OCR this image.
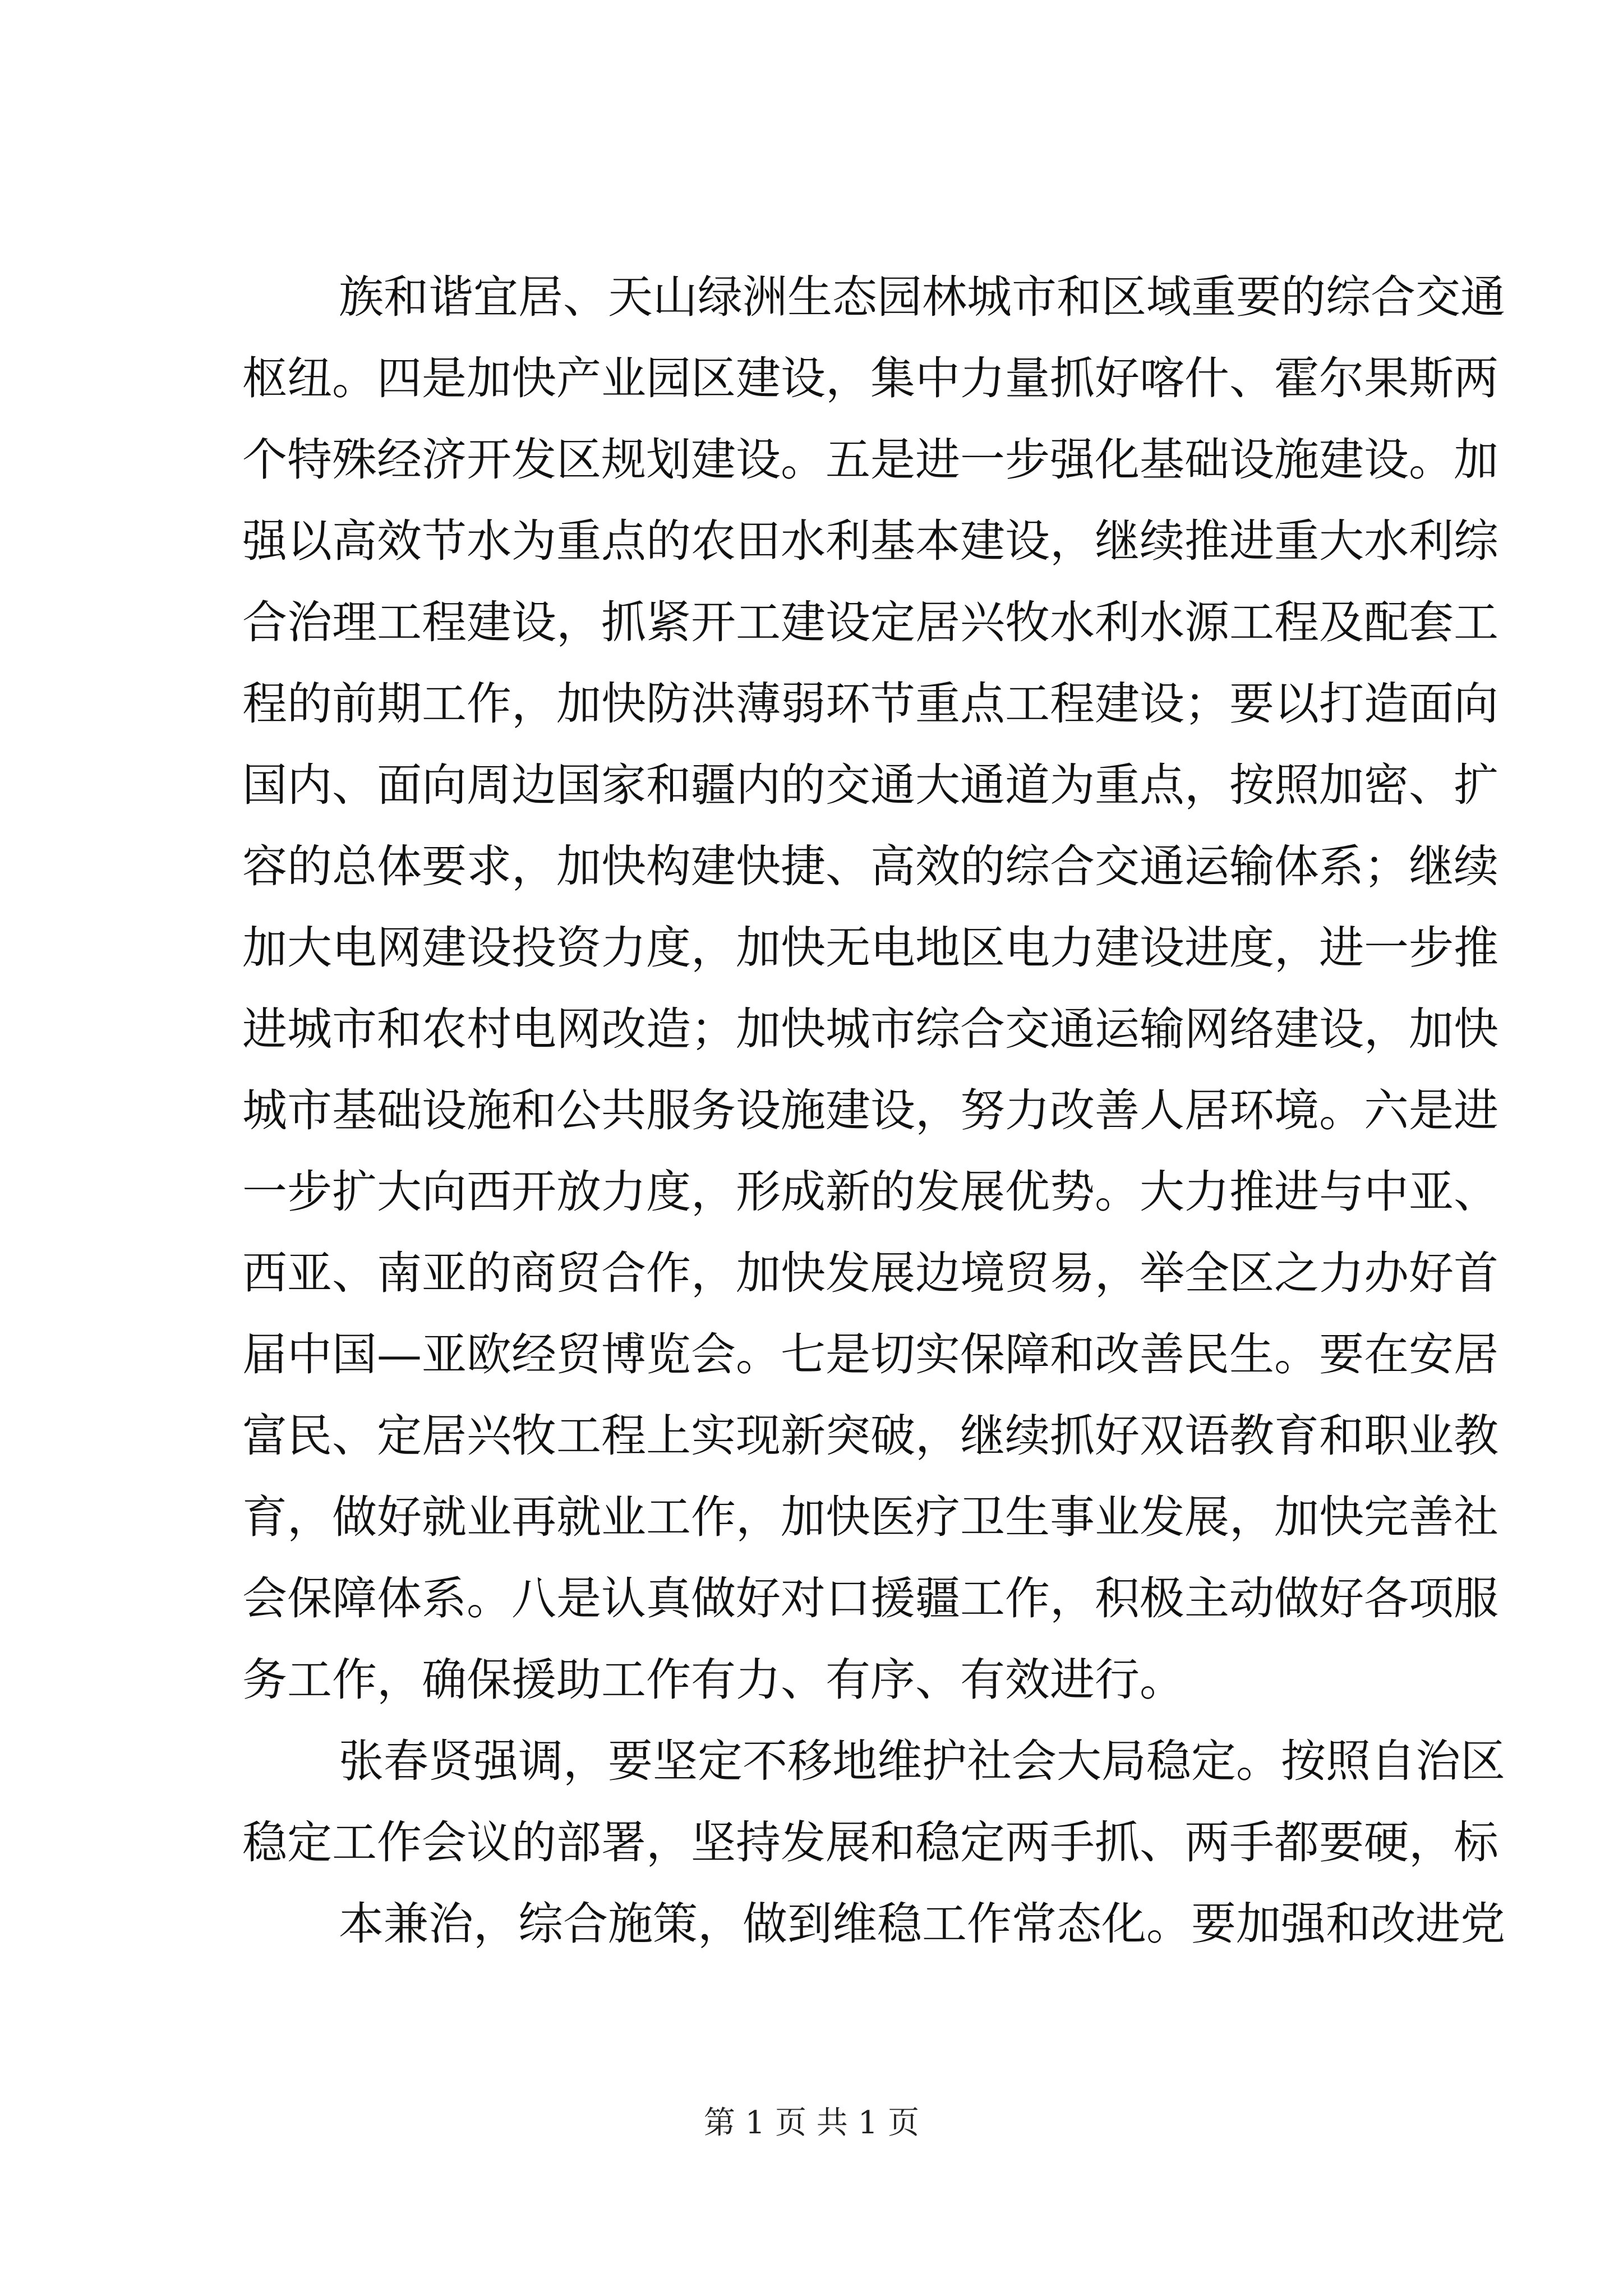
族和谐宜居、天山绿洲生态园林城市和区域重要的综合交通
枢纽。四是加快产业园区建设，集中力量抓好喀什、霍尔果斯两
个特殊经济开发区规划建设。五是进一步强化基础设施建设。加
强以高效节水为重点的农田水利基本建设，继续推进重大水利综
合治理工程建设，抓紧开工建设定居兴牧水利水源工程及配套工
程的前期工作，加快防洪薄弱环节重点工程建设；要以打造面向
国内、面向周边国家和疆内的交通大通道为重点，按照加密、扩
容的总体要求，加快构建快捷、高效的综合交通运输体系；继续
加大电网建设投资力度，加快无电地区电力建设进度，进一步推
进城市和农村电网改造；加快城市综合交通运输网络建设，加快
城市基础设施和公共服务设施建设，努力改善人居环境。六是进
一步扩大向西开放力度，形成新的发展优势。大力推进与中亚、
西亚、南亚的商贸合作，加快发展边境贸易，举全区之力办好首
届中国—亚欧经贸博览会。七是切实保障和改善民生。要在安居
富民、定居兴牧工程上实现新突破，继续抓好双语教育和职业教
育，做好就业再就业工作，加快医疗卫生事业发展，加快完善社
会保障体系。八是认真做好对口援疆工作，积极主动做好各项服
务工作，确保援助工作有力、有序、有效进行。
张春贤强调，要坚定不移地维护社会大局稳定。按照自治区
稳定工作会议的部署，坚持发展和稳定两手抓、两手都要硬，标
本兼治，综合施策，做到维稳工作常态化。要加强和改进党
第 1 页 共 1 页
